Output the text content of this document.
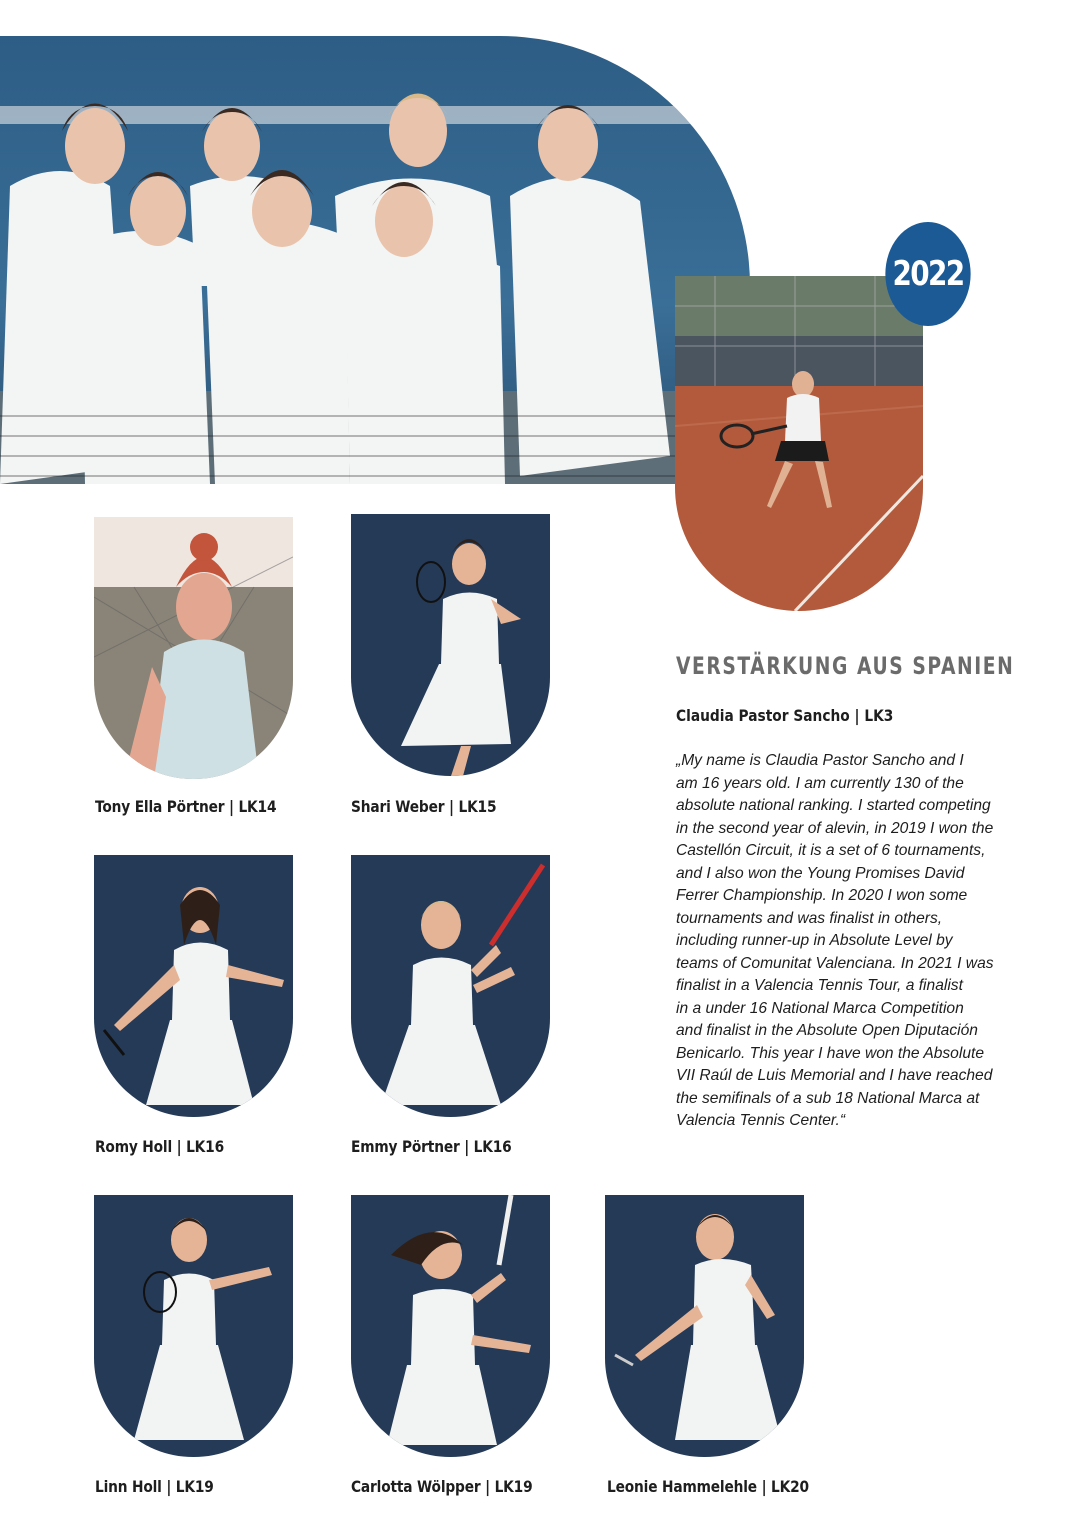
2022
Tony Ella Pörtner | LK14	Shari Weber | LK15
Romy Holl | LK16	Emmy Pörtner | LK16
Linn Holl | LK19	Carlotta Wölpper | LK19	Leonie Hammelehle | LK20
VERSTÄRKUNG AUS SPANIEN
Claudia Pastor Sancho | LK3
„My name is Claudia Pastor Sancho and I
am 16 years old. I am currently 130 of the
absolute national ranking. I started competing
in the second year of alevin, in 2019 I won the
Castellón Circuit, it is a set of 6 tournaments,
and I also won the Young Promises David
Ferrer Championship. In 2020 I won some
tournaments and was finalist in others,
including runner-up in Absolute Level by
teams of Comunitat Valenciana. In 2021 I was
finalist in a Valencia Tennis Tour, a finalist
in a under 16 National Marca Competition
and finalist in the Absolute Open Diputación
Benicarlo. This year I have won the Absolute
VII Raúl de Luis Memorial and I have reached
the semifinals of a sub 18 National Marca at
Valencia Tennis Center.“
